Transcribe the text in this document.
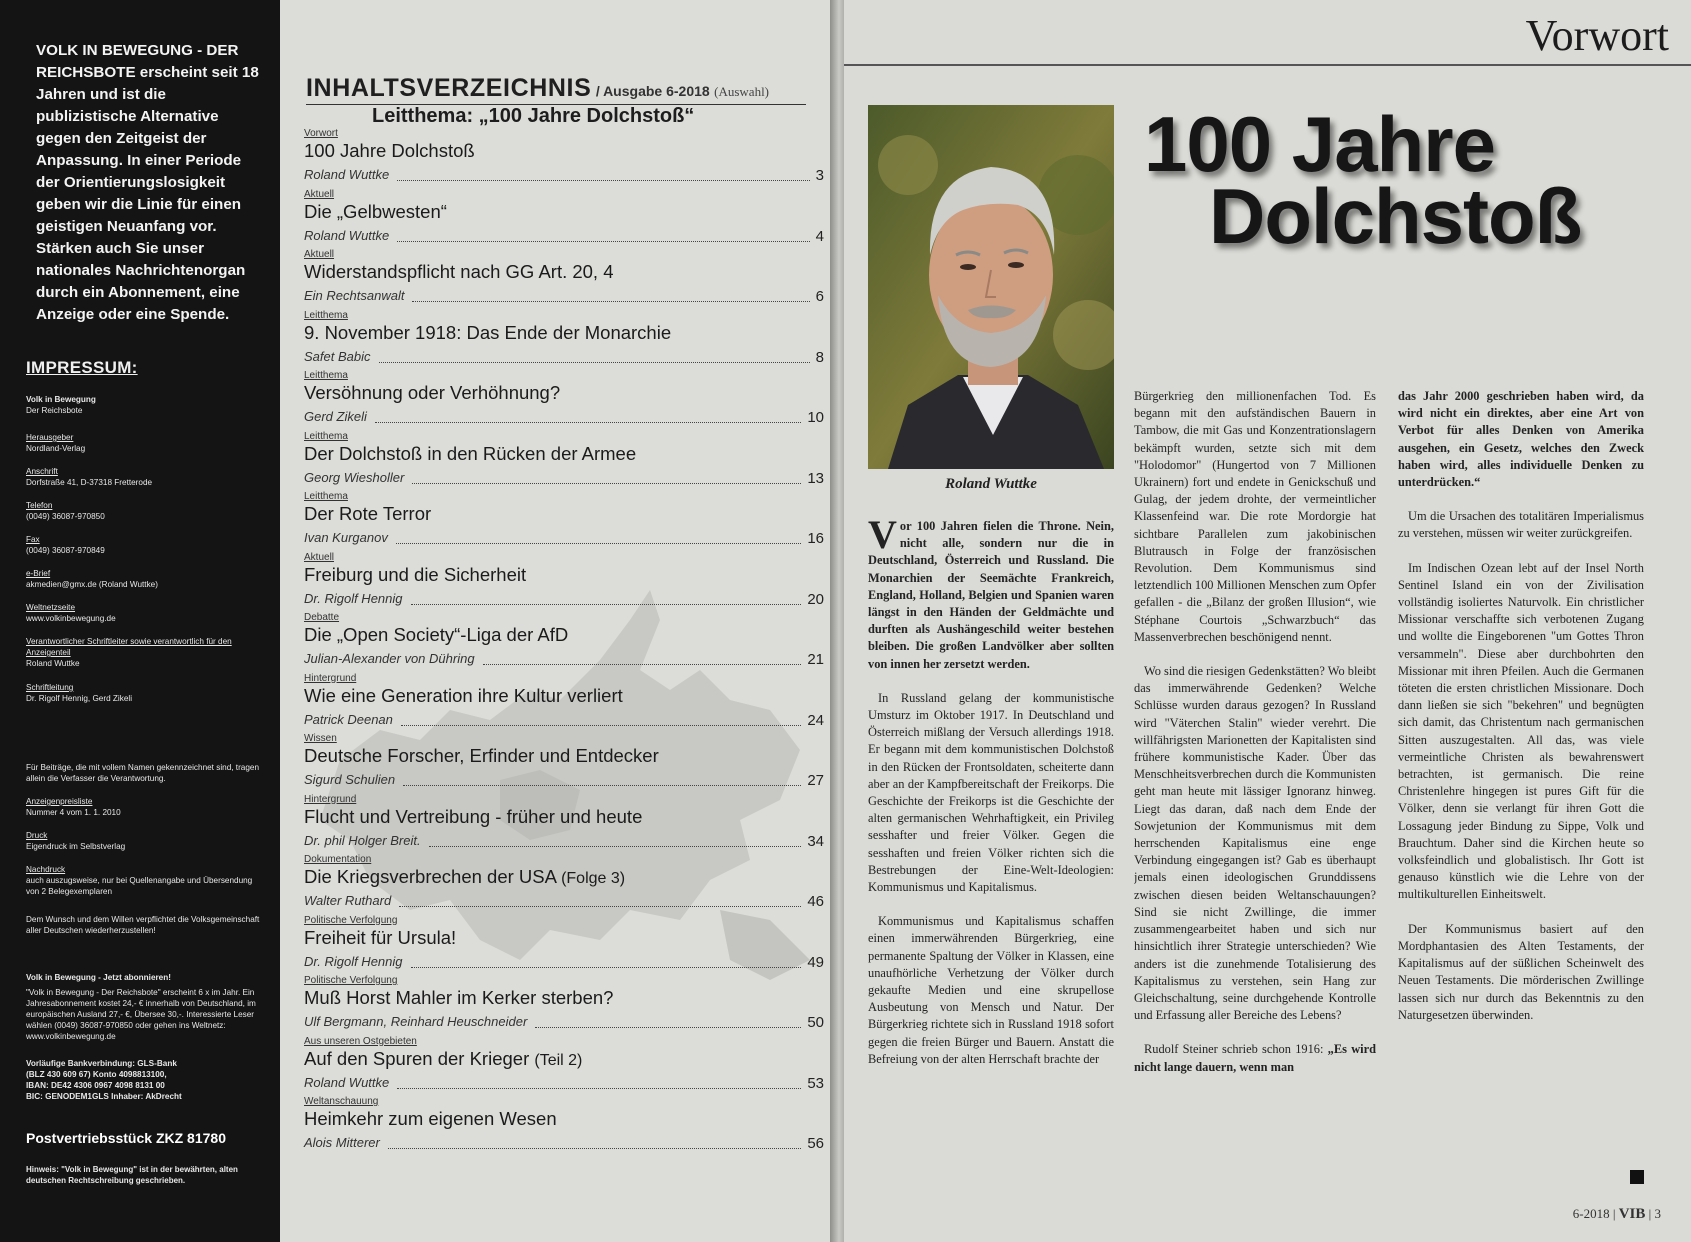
VOLK IN BEWEGUNG - DER REICHSBOTE erscheint seit 18 Jahren und ist die publizistische Alternative gegen den Zeitgeist der Anpassung. In einer Periode der Orientierungslosigkeit geben wir die Linie für einen geistigen Neuanfang vor. Stärken auch Sie unser nationales Nachrichtenorgan durch ein Abonnement, eine Anzeige oder eine Spende.
IMPRESSUM:
Volk in Bewegung
Der Reichsbote
Herausgeber
Nordland-Verlag
Anschrift
Dorfstraße 41, D-37318 Fretterode
Telefon
(0049) 36087-970850
Fax
(0049) 36087-970849
e-Brief
akmedien@gmx.de (Roland Wuttke)
Weltnetzseite
www.volkinbewegung.de
Verantwortlicher Schriftleiter sowie verantwortlich für den Anzeigenteil
Roland Wuttke
Schriftleitung
Dr. Rigolf Hennig, Gerd Zikeli
Für Beiträge, die mit vollem Namen gekennzeichnet sind, tragen allein die Verfasser die Verantwortung.
Anzeigenpreisliste
Nummer 4 vom 1. 1. 2010
Druck
Eigendruck im Selbstverlag
Nachdruck
auch auszugsweise, nur bei Quellenangabe und Übersendung von 2 Belegexemplaren
Dem Wunsch und dem Willen verpflichtet die Volksgemeinschaft aller Deutschen wiederherzustellen!
Volk in Bewegung - Jetzt abonnieren!
"Volk in Bewegung - Der Reichsbote" erscheint 6 x im Jahr. Ein Jahresabonnement kostet 24,- € innerhalb von Deutschland, im europäischen Ausland 27,- €, Übersee 30,-. Interessierte Leser wählen (0049) 36087-970850 oder gehen ins Weltnetz: www.volkinbewegung.de
Vorläufige Bankverbindung: GLS-Bank
(BLZ 430 609 67) Konto 4098813100,
IBAN: DE42 4306 0967 4098 8131 00
BIC: GENODEM1GLS Inhaber: AkDrecht
Postvertriebsstück ZKZ 81780
Hinweis: "Volk in Bewegung" ist in der bewährten, alten deutschen Rechtschreibung geschrieben.
INHALTSVERZEICHNIS / Ausgabe 6-2018 (Auswahl)
Leitthema: „100 Jahre Dolchstoß“
Vorwort
100 Jahre Dolchstoß
Roland Wuttke	3
Aktuell
Die „Gelbwesten“
Roland Wuttke	4
Aktuell
Widerstandspflicht nach GG Art. 20, 4
Ein Rechtsanwalt	6
Leitthema
9. November 1918: Das Ende der Monarchie
Safet Babic	8
Leitthema
Versöhnung oder Verhöhnung?
Gerd Zikeli	10
Leitthema
Der Dolchstoß in den Rücken der Armee
Georg Wiesholler	13
Leitthema
Der Rote Terror
Ivan Kurganov	16
Aktuell
Freiburg und die Sicherheit
Dr. Rigolf Hennig	20
Debatte
Die „Open Society“-Liga der AfD
Julian-Alexander von Dühring	21
Hintergrund
Wie eine Generation ihre Kultur verliert
Patrick Deenan	24
Wissen
Deutsche Forscher, Erfinder und Entdecker
Sigurd Schulien	27
Hintergrund
Flucht und Vertreibung - früher und heute
Dr. phil Holger Breit.	34
Dokumentation
Die Kriegsverbrechen der USA (Folge 3)
Walter Ruthard	46
Politische Verfolgung
Freiheit für Ursula!
Dr. Rigolf Hennig	49
Politische Verfolgung
Muß Horst Mahler im Kerker sterben?
Ulf Bergmann, Reinhard Heuschneider	50
Aus unseren Ostgebieten
Auf den Spuren der Krieger (Teil 2)
Roland Wuttke	53
Weltanschauung
Heimkehr zum eigenen Wesen
Alois Mitterer	56
Vorwort
Roland Wuttke
100 Jahre
Dolchstoß

Vor 100 Jahren fielen die Throne. Nein, nicht alle, sondern nur die in Deutschland, Österreich und Russland. Die Monarchien der Seemächte Frankreich, England, Holland, Belgien und Spanien waren längst in den Händen der Geldmächte und durften als Aushängeschild weiter bestehen bleiben. Die großen Landvölker aber sollten von innen her zersetzt werden.

In Russland gelang der kommunistische Umsturz im Oktober 1917. In Deutschland und Österreich mißlang der Versuch allerdings 1918. Er begann mit dem kommunistischen Dolchstoß in den Rücken der Frontsoldaten, scheiterte dann aber an der Kampfbereitschaft der Freikorps. Die Geschichte der Freikorps ist die Geschichte der alten germanischen Wehrhaftigkeit, ein Privileg sesshafter und freier Völker. Gegen die sesshaften und freien Völker richten sich die Bestrebungen der Eine-Welt-Ideologien: Kommunismus und Kapitalismus.

Kommunismus und Kapitalismus schaffen einen immerwährenden Bürgerkrieg, eine permanente Spaltung der Völker in Klassen, eine unaufhörliche Verhetzung der Völker durch gekaufte Medien und eine skrupellose Ausbeutung von Mensch und Natur. Der Bürgerkrieg richtete sich in Russland 1918 sofort gegen die freien Bürger und Bauern. Anstatt die Befreiung von der alten Herrschaft brachte der

Bürgerkrieg den millionenfachen Tod. Es begann mit den aufständischen Bauern in Tambow, die mit Gas und Konzentrationslagern bekämpft wurden, setzte sich mit dem "Holodomor" (Hungertod von 7 Millionen Ukrainern) fort und endete in Genickschuß und Gulag, der jedem drohte, der vermeintlicher Klassenfeind war. Die rote Mordorgie hat sichtbare Parallelen zum jakobinischen Blutrausch in Folge der französischen Revolution. Dem Kommunismus sind letztendlich 100 Millionen Menschen zum Opfer gefallen - die „Bilanz der großen Illusion“, wie Stéphane Courtois „Schwarzbuch“ das Massenverbrechen beschönigend nennt.

Wo sind die riesigen Gedenkstätten? Wo bleibt das immerwährende Gedenken? Welche Schlüsse wurden daraus gezogen? In Russland wird "Väterchen Stalin" wieder verehrt. Die willfährigsten Marionetten der Kapitalisten sind frühere kommunistische Kader. Über das Menschheitsverbrechen durch die Kommunisten geht man heute mit lässiger Ignoranz hinweg. Liegt das daran, daß nach dem Ende der Sowjetunion der Kommunismus mit dem herrschenden Kapitalismus eine enge Verbindung eingegangen ist? Gab es überhaupt jemals einen ideologischen Grunddissens zwischen diesen beiden Weltanschauungen? Sind sie nicht Zwillinge, die immer zusammengearbeitet haben und sich nur hinsichtlich ihrer Strategie unterschieden? Wie anders ist die zunehmende Totalisierung des Kapitalismus zu verstehen, sein Hang zur Gleichschaltung, seine durchgehende Kontrolle und Erfassung aller Bereiche des Lebens?

Rudolf Steiner schrieb schon 1916: „Es wird nicht lange dauern, wenn man

das Jahr 2000 geschrieben haben wird, da wird nicht ein direktes, aber eine Art von Verbot für alles Denken von Amerika ausgehen, ein Gesetz, welches den Zweck haben wird, alles individuelle Denken zu unterdrücken.“

Um die Ursachen des totalitären Imperialismus zu verstehen, müssen wir weiter zurückgreifen.

Im Indischen Ozean lebt auf der Insel North Sentinel Island ein von der Zivilisation vollständig isoliertes Naturvolk. Ein christlicher Missionar verschaffte sich verbotenen Zugang und wollte die Eingeborenen "um Gottes Thron versammeln". Diese aber durchbohrten den Missionar mit ihren Pfeilen. Auch die Germanen töteten die ersten christlichen Missionare. Doch dann ließen sie sich "bekehren" und begnügten sich damit, das Christentum nach germanischen Sitten auszugestalten. All das, was viele vermeintliche Christen als bewahrenswert betrachten, ist germanisch. Die reine Christenlehre hingegen ist pures Gift für die Völker, denn sie verlangt für ihren Gott die Lossagung jeder Bindung zu Sippe, Volk und Brauchtum. Daher sind die Kirchen heute so volksfeindlich und globalistisch. Ihr Gott ist genauso künstlich wie die Lehre von der multikulturellen Einheitswelt.

Der Kommunismus basiert auf den Mordphantasien des Alten Testaments, der Kapitalismus auf der süßlichen Scheinwelt des Neuen Testaments. Die mörderischen Zwillinge lassen sich nur durch das Bekenntnis zu den Naturgesetzen überwinden.

6-2018 | VIB | 3
